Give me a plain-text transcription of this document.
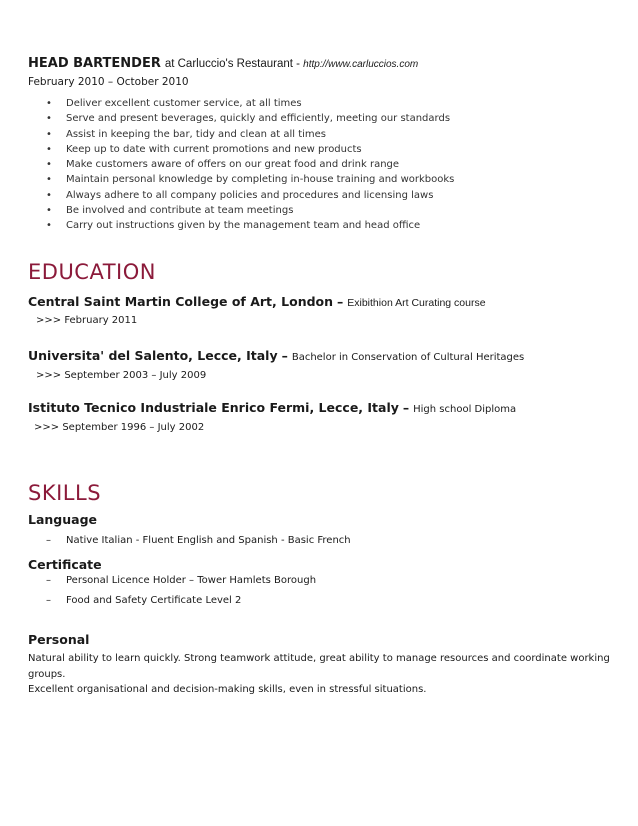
HEAD BARTENDER at Carluccio's Restaurant - http://www.carluccios.com
February 2010 – October 2010
• Deliver excellent customer service, at all times
• Serve and present beverages, quickly and efficiently, meeting our standards
• Assist in keeping the bar, tidy and clean at all times
• Keep up to date with current promotions and new products
• Make customers aware of offers on our great food and drink range
• Maintain personal knowledge by completing in-house training and workbooks
• Always adhere to all company policies and procedures and licensing laws
• Be involved and contribute at team meetings
• Carry out instructions given by the management team and head office
EDUCATION
Central Saint Martin College of Art, London – Exibithion Art Curating course
>>> February 2011
Universita' del Salento, Lecce, Italy – Bachelor in Conservation of Cultural Heritages
>>> September 2003 – July 2009
Istituto Tecnico Industriale Enrico Fermi, Lecce, Italy – High school Diploma
>>> September 1996 – July 2002
SKILLS
Language
– Native Italian - Fluent English and Spanish - Basic French
Certificate
– Personal Licence Holder – Tower Hamlets Borough
– Food and Safety Certificate Level 2
Personal
Natural ability to learn quickly. Strong teamwork attitude, great ability to manage resources and coordinate working groups.
Excellent organisational and decision-making skills, even in stressful situations.
